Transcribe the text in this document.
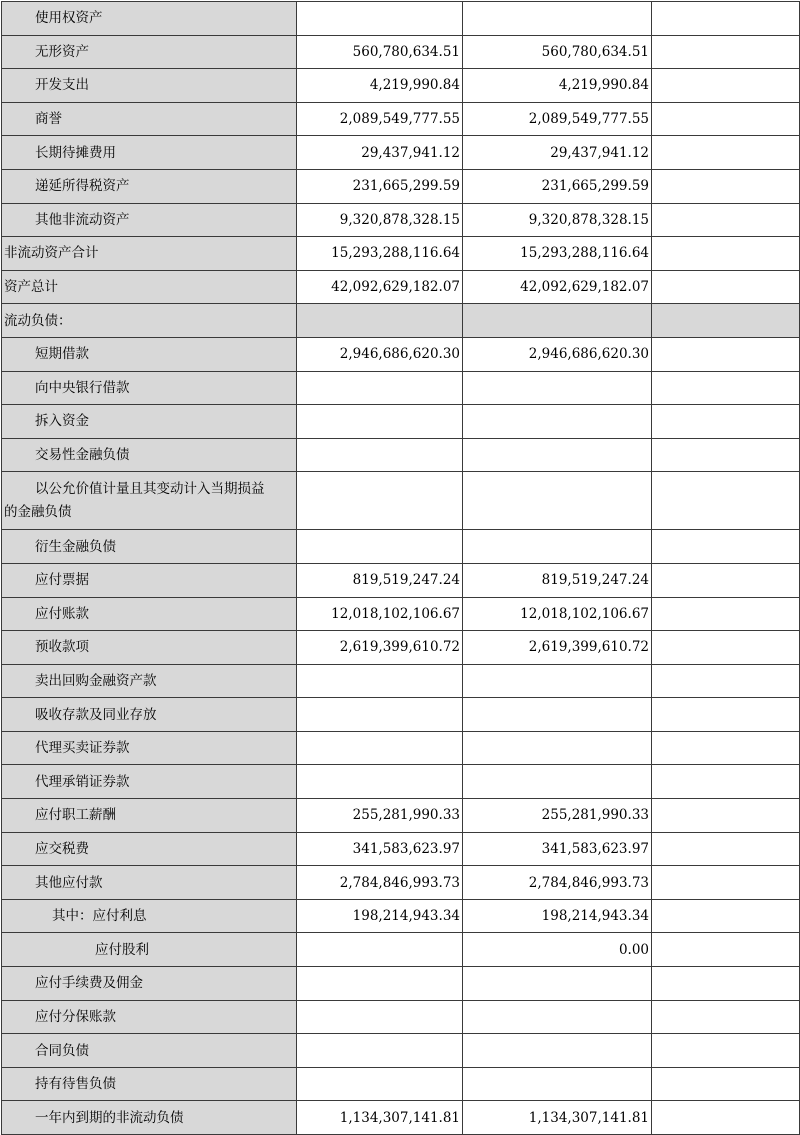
使用权资产			
无形资产	560,780,634.51	560,780,634.51	
开发支出	4,219,990.84	4,219,990.84	
商誉	2,089,549,777.55	2,089,549,777.55	
长期待摊费用	29,437,941.12	29,437,941.12	
递延所得税资产	231,665,299.59	231,665,299.59	
其他非流动资产	9,320,878,328.15	9,320,878,328.15	
非流动资产合计	15,293,288,116.64	15,293,288,116.64	
资产总计	42,092,629,182.07	42,092,629,182.07	
流动负债：			
短期借款	2,946,686,620.30	2,946,686,620.30	
向中央银行借款			
拆入资金			
交易性金融负债			

以公允价值计量且其变动计入当期损益
的金融负债			
衍生金融负债			
应付票据	819,519,247.24	819,519,247.24	
应付账款	12,018,102,106.67	12,018,102,106.67	
预收款项	2,619,399,610.72	2,619,399,610.72	
卖出回购金融资产款			
吸收存款及同业存放			
代理买卖证券款			
代理承销证券款			
应付职工薪酬	255,281,990.33	255,281,990.33	
应交税费	341,583,623.97	341,583,623.97	
其他应付款	2,784,846,993.73	2,784,846,993.73	
其中：应付利息	198,214,943.34	198,214,943.34	
应付股利		0.00	
应付手续费及佣金			
应付分保账款			
合同负债			
持有待售负债			
一年内到期的非流动负债	1,134,307,141.81	1,134,307,141.81	
